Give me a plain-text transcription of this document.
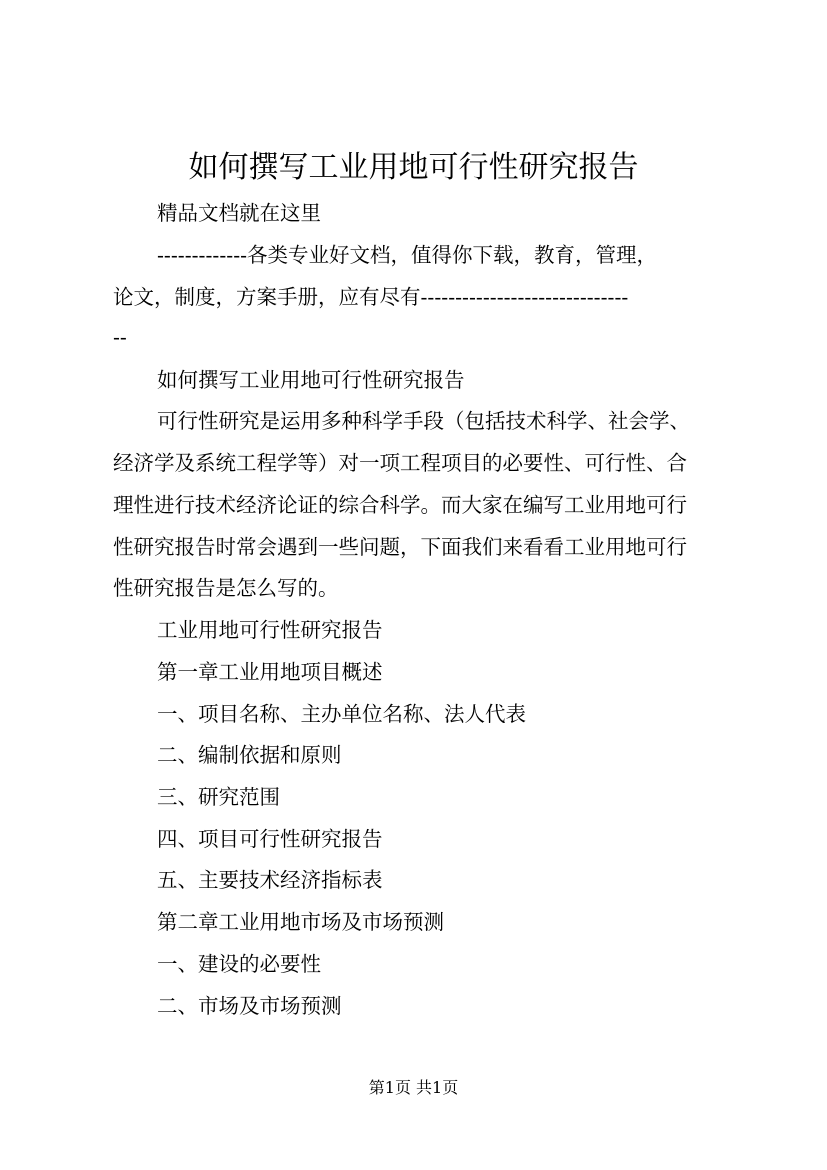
如何撰写工业用地可行性研究报告
精品文档就在这里
-------------各类专业好文档，值得你下载，教育，管理，
论文，制度，方案手册，应有尽有------------------------------
--
如何撰写工业用地可行性研究报告
可行性研究是运用多种科学手段（包括技术科学、社会学、
经济学及系统工程学等）对一项工程项目的必要性、可行性、合
理性进行技术经济论证的综合科学。而大家在编写工业用地可行
性研究报告时常会遇到一些问题，下面我们来看看工业用地可行
性研究报告是怎么写的。
工业用地可行性研究报告
第一章工业用地项目概述
一、项目名称、主办单位名称、法人代表
二、编制依据和原则
三、研究范围
四、项目可行性研究报告
五、主要技术经济指标表
第二章工业用地市场及市场预测
一、建设的必要性
二、市场及市场预测
第1页 共1页
